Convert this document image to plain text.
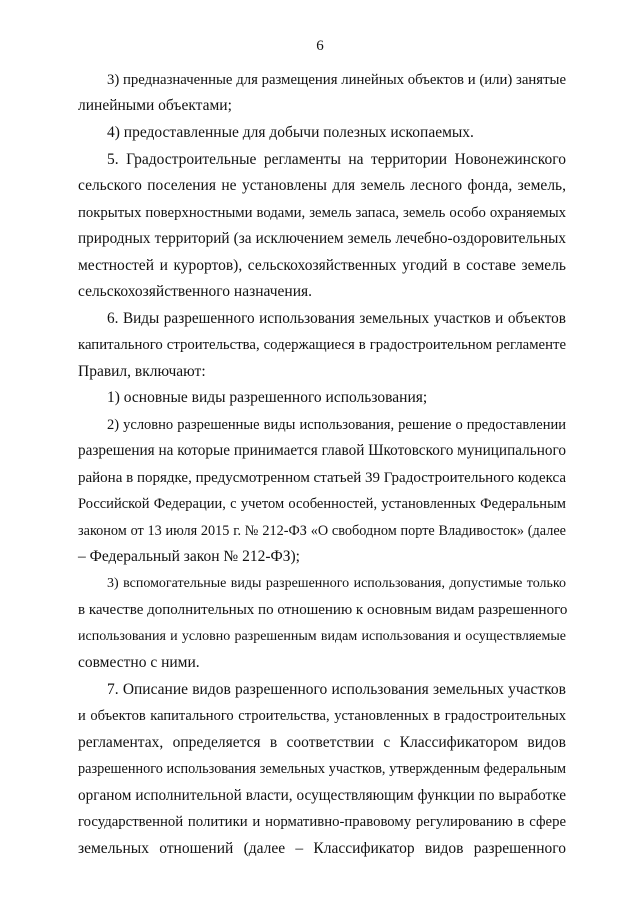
6
3) предназначенные для размещения линейных объектов и (или) занятые
линейными объектами;
4) предоставленные для добычи полезных ископаемых.
5. Градостроительные регламенты на территории Новонежинского
сельского поселения не установлены для земель лесного фонда, земель,
покрытых поверхностными водами, земель запаса, земель особо охраняемых
природных территорий (за исключением земель лечебно-оздоровительных
местностей и курортов), сельскохозяйственных угодий в составе земель
сельскохозяйственного назначения.
6. Виды разрешенного использования земельных участков и объектов
капитального строительства, содержащиеся в градостроительном регламенте
Правил, включают:
1) основные виды разрешенного использования;
2) условно разрешенные виды использования, решение о предоставлении
разрешения на которые принимается главой Шкотовского муниципального
района в порядке, предусмотренном статьей 39 Градостроительного кодекса
Российской Федерации, с учетом особенностей, установленных Федеральным
законом от 13 июля 2015 г. № 212-ФЗ «О свободном порте Владивосток» (далее
– Федеральный закон № 212-ФЗ);
3) вспомогательные виды разрешенного использования, допустимые только
в качестве дополнительных по отношению к основным видам разрешенного
использования и условно разрешенным видам использования и осуществляемые
совместно с ними.
7. Описание видов разрешенного использования земельных участков
и объектов капитального строительства, установленных в градостроительных
регламентах, определяется в соответствии с Классификатором видов
разрешенного использования земельных участков, утвержденным федеральным
органом исполнительной власти, осуществляющим функции по выработке
государственной политики и нормативно-правовому регулированию в сфере
земельных отношений (далее – Классификатор видов разрешенного
